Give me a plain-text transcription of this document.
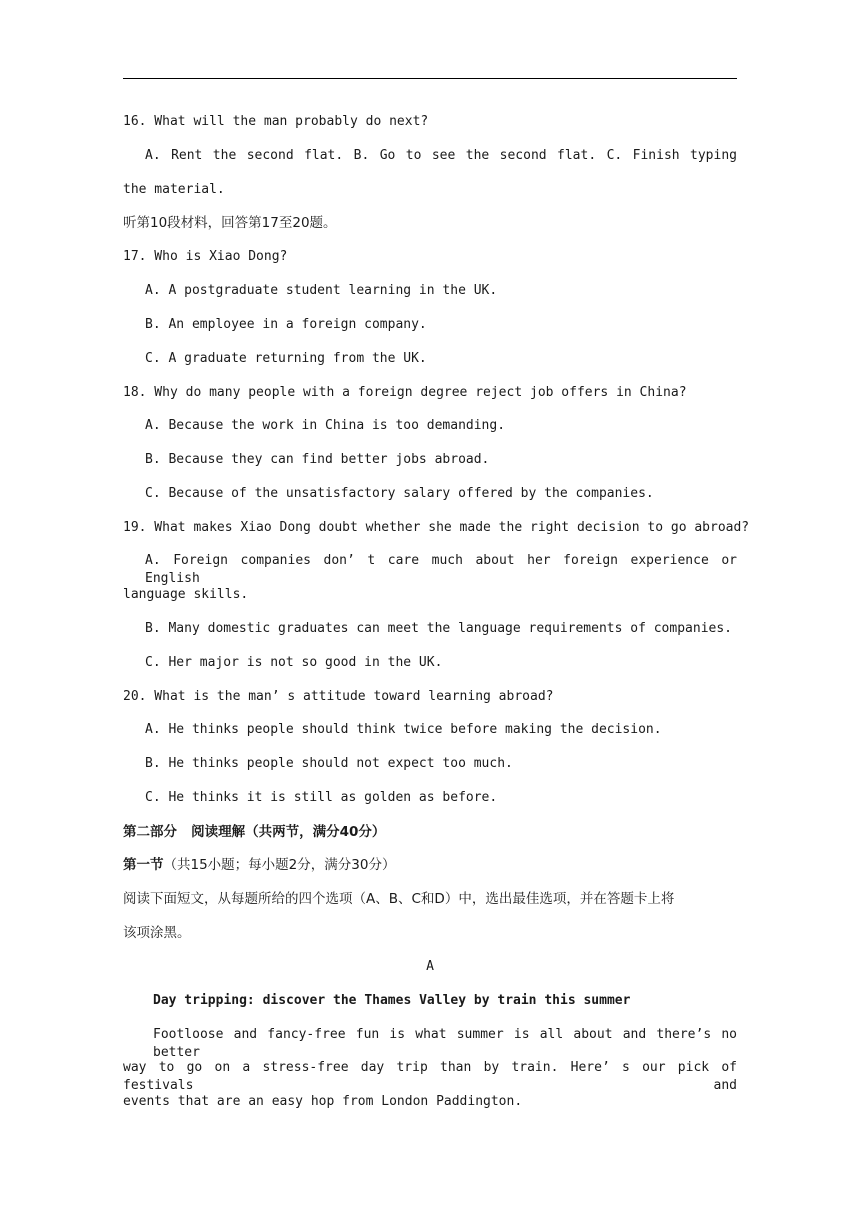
16. What will the man probably do next?
A. Rent the second flat. B. Go to see the second flat. C. Finish typing
the material.
听第10段材料，回答第17至20题。
17. Who is Xiao Dong?
A. A postgraduate student learning in the UK.
B. An employee in a foreign company.
C. A graduate returning from the UK.
18. Why do many people with a foreign degree reject job offers in China?
A. Because the work in China is too demanding.
B. Because they can find better jobs abroad.
C. Because of the unsatisfactory salary offered by the companies.
19. What makes Xiao Dong doubt whether she made the right decision to go abroad?
A. Foreign companies don’ t care much about her foreign experience or English
language skills.
B. Many domestic graduates can meet the language requirements of companies.
C. Her major is not so good in the UK.
20. What is the man’ s attitude toward learning abroad?
A. He thinks people should think twice before making the decision.
B. He thinks people should not expect too much.
C. He thinks it is still as golden as before.
第二部分   阅读理解（共两节，满分40分）
第一节（共15小题；每小题2分，满分30分）
阅读下面短文，从每题所给的四个选项（A、B、C和D）中，选出最佳选项，并在答题卡上将
该项涂黑。
A
Day tripping: discover the Thames Valley by train this summer
Footloose and fancy-free fun is what summer is all about and there’s no better
way to go on a stress-free day trip than by train. Here’ s our pick of festivals and
events that are an easy hop from London Paddington.
